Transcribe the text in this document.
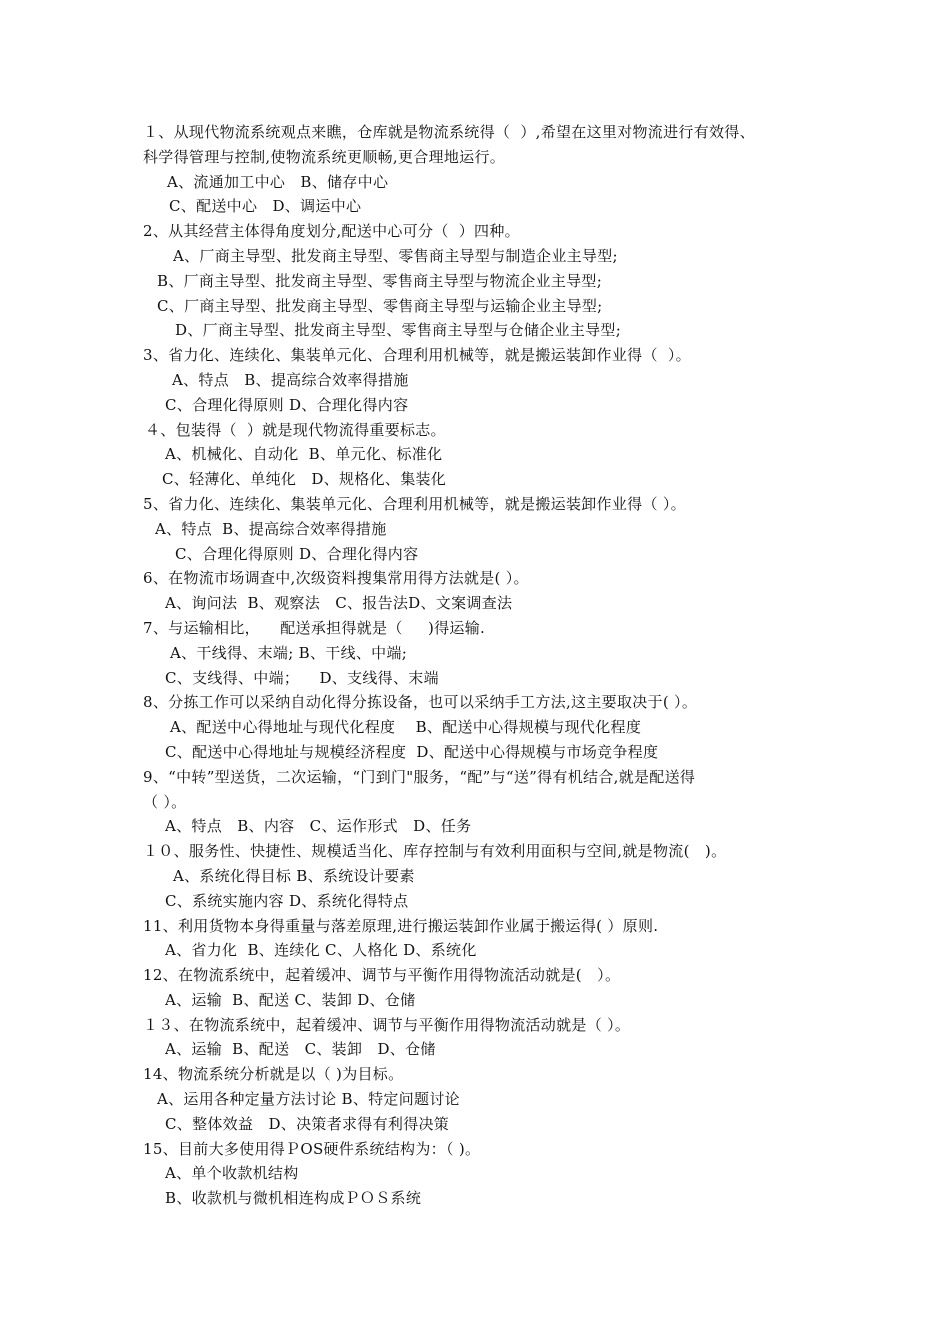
１、从现代物流系统观点来瞧，仓库就是物流系统得（  ）,希望在这里对物流进行有效得、
科学得管理与控制,使物流系统更顺畅,更合理地运行。
A、流通加工中心   B、储存中心
C、配送中心   D、调运中心
2、从其经营主体得角度划分,配送中心可分（  ）四种。
A、厂商主导型、批发商主导型、零售商主导型与制造企业主导型;
B、厂商主导型、批发商主导型、零售商主导型与物流企业主导型;
C、厂商主导型、批发商主导型、零售商主导型与运输企业主导型;
D、厂商主导型、批发商主导型、零售商主导型与仓储企业主导型;
3、省力化、连续化、集装单元化、合理利用机械等，就是搬运装卸作业得（  ）。
A、特点   B、提高综合效率得措施
C、合理化得原则 D、合理化得内容
４、包装得（  ）就是现代物流得重要标志。
A、机械化、自动化  B、单元化、标准化
C、轻薄化、单纯化   D、规格化、集装化
5、省力化、连续化、集装单元化、合理利用机械等，就是搬运装卸作业得（ ）。
A、特点  B、提高综合效率得措施
C、合理化得原则 D、合理化得内容
6、在物流市场调查中,次级资料搜集常用得方法就是( ）。
A、询问法  B、观察法   C、报告法D、文案调查法
7、与运输相比，    配送承担得就是（     )得运输.
A、干线得、末端; B、干线、中端;
C、支线得、中端；    D、支线得、末端
8、分拣工作可以采纳自动化得分拣设备，也可以采纳手工方法,这主要取决于( ）。
A、配送中心得地址与现代化程度    B、配送中心得规模与现代化程度
C、配送中心得地址与规模经济程度  D、配送中心得规模与市场竞争程度
9、“中转”型送货，二次运输，“门到门"服务，“配”与“送”得有机结合,就是配送得
（ ）。
A、特点   B、内容   C、运作形式   D、任务
１０、服务性、快捷性、规模适当化、库存控制与有效利用面积与空间,就是物流(   )。
A、系统化得目标 B、系统设计要素
C、系统实施内容 D、系统化得特点
11、利用货物本身得重量与落差原理,进行搬运装卸作业属于搬运得( ）原则.
A、省力化  B、连续化 C、人格化 D、系统化
12、在物流系统中，起着缓冲、调节与平衡作用得物流活动就是(   ）。
A、运输  B、配送 C、装卸 D、仓储
１３、在物流系统中，起着缓冲、调节与平衡作用得物流活动就是（ ）。
A、运输  B、配送   C、装卸   D、仓储
14、物流系统分析就是以（ )为目标。
A、运用各种定量方法讨论 B、特定问题讨论
C、整体效益   D、决策者求得有利得决策
15、目前大多使用得ＰOS硬件系统结构为：（ )。
A、单个收款机结构
B、收款机与微机相连构成ＰＯＳ系统
